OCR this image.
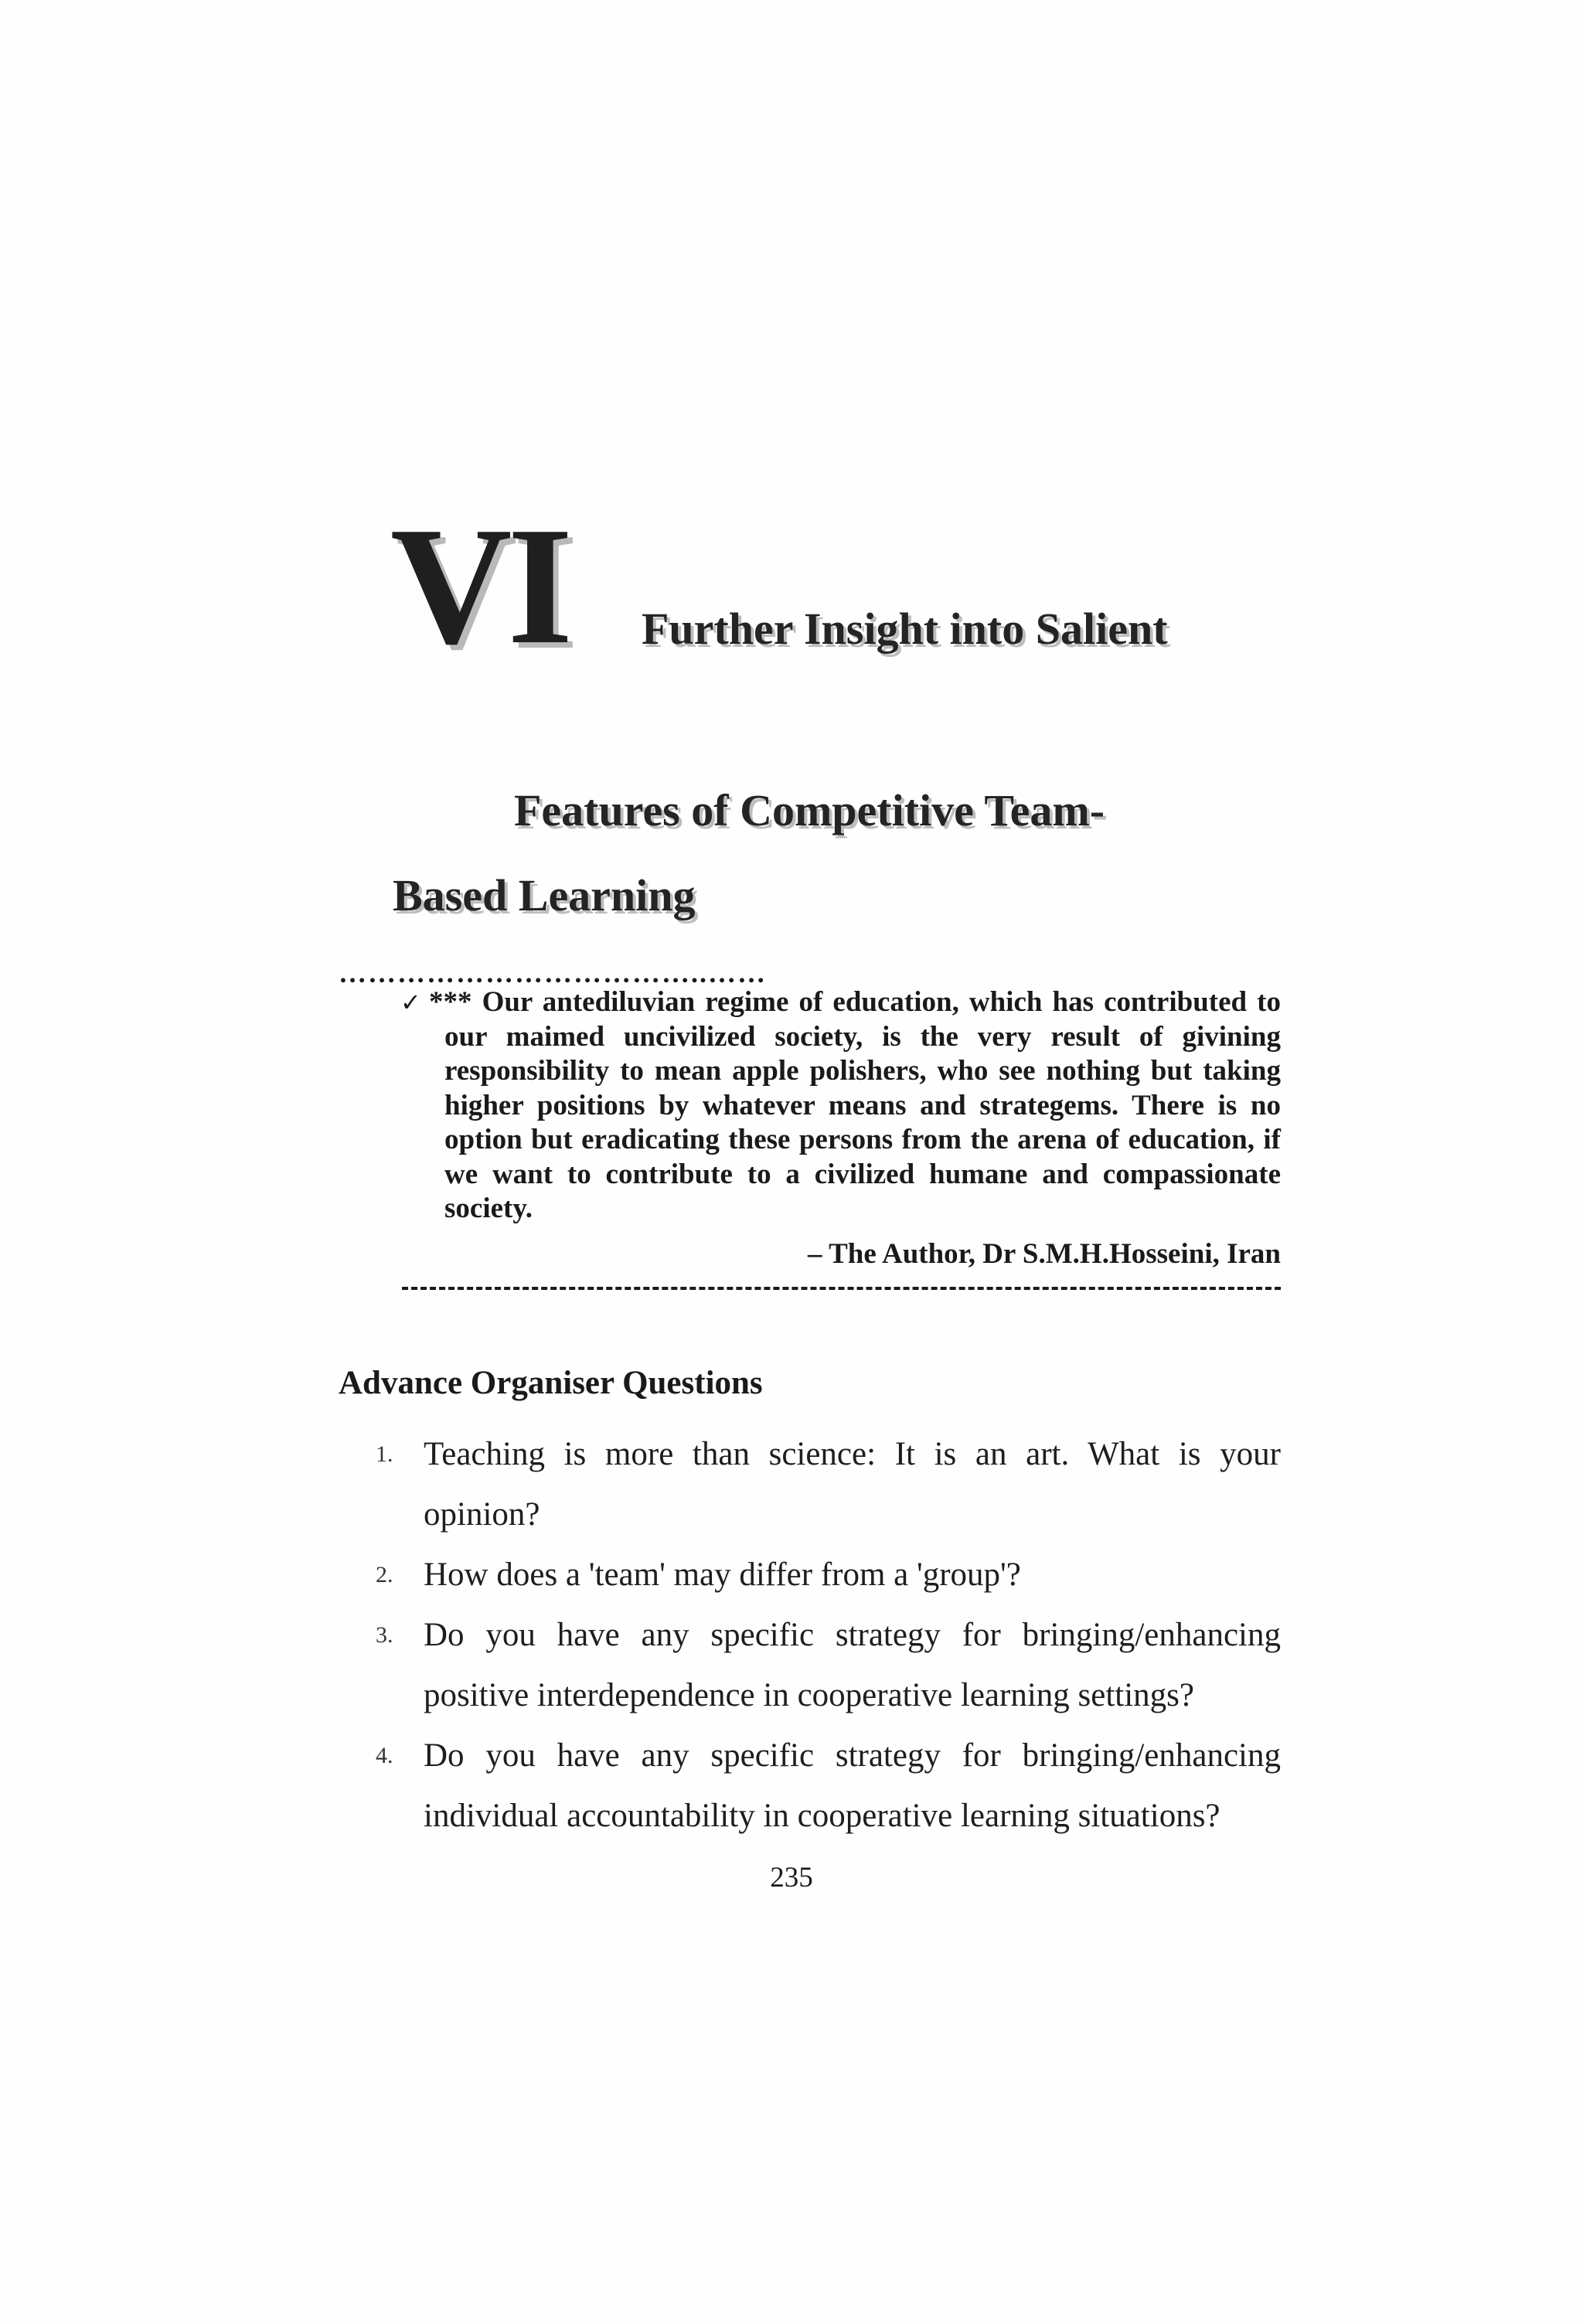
VI Further Insight into Salient
Features of Competitive Team-
Based Learning
………………………………..……
✓ *** Our antediluvian regime of education, which has contributed to our maimed uncivilized society, is the very result of givining responsibility to mean apple polishers, who see nothing but taking higher positions by whatever means and strategems. There is no option but eradicating these persons from the arena of education, if we want to contribute to a civilized humane and compassionate society.
– The Author, Dr S.M.H.Hosseini, Iran
Advance Organiser Questions
1. Teaching is more than science: It is an art. What is your opinion?
2. How does a 'team' may differ from a 'group'?
3. Do you have any specific strategy for bringing/enhancing positive interdependence in cooperative learning settings?
4. Do you have any specific strategy for bringing/enhancing individual accountability in cooperative learning situations?
235
